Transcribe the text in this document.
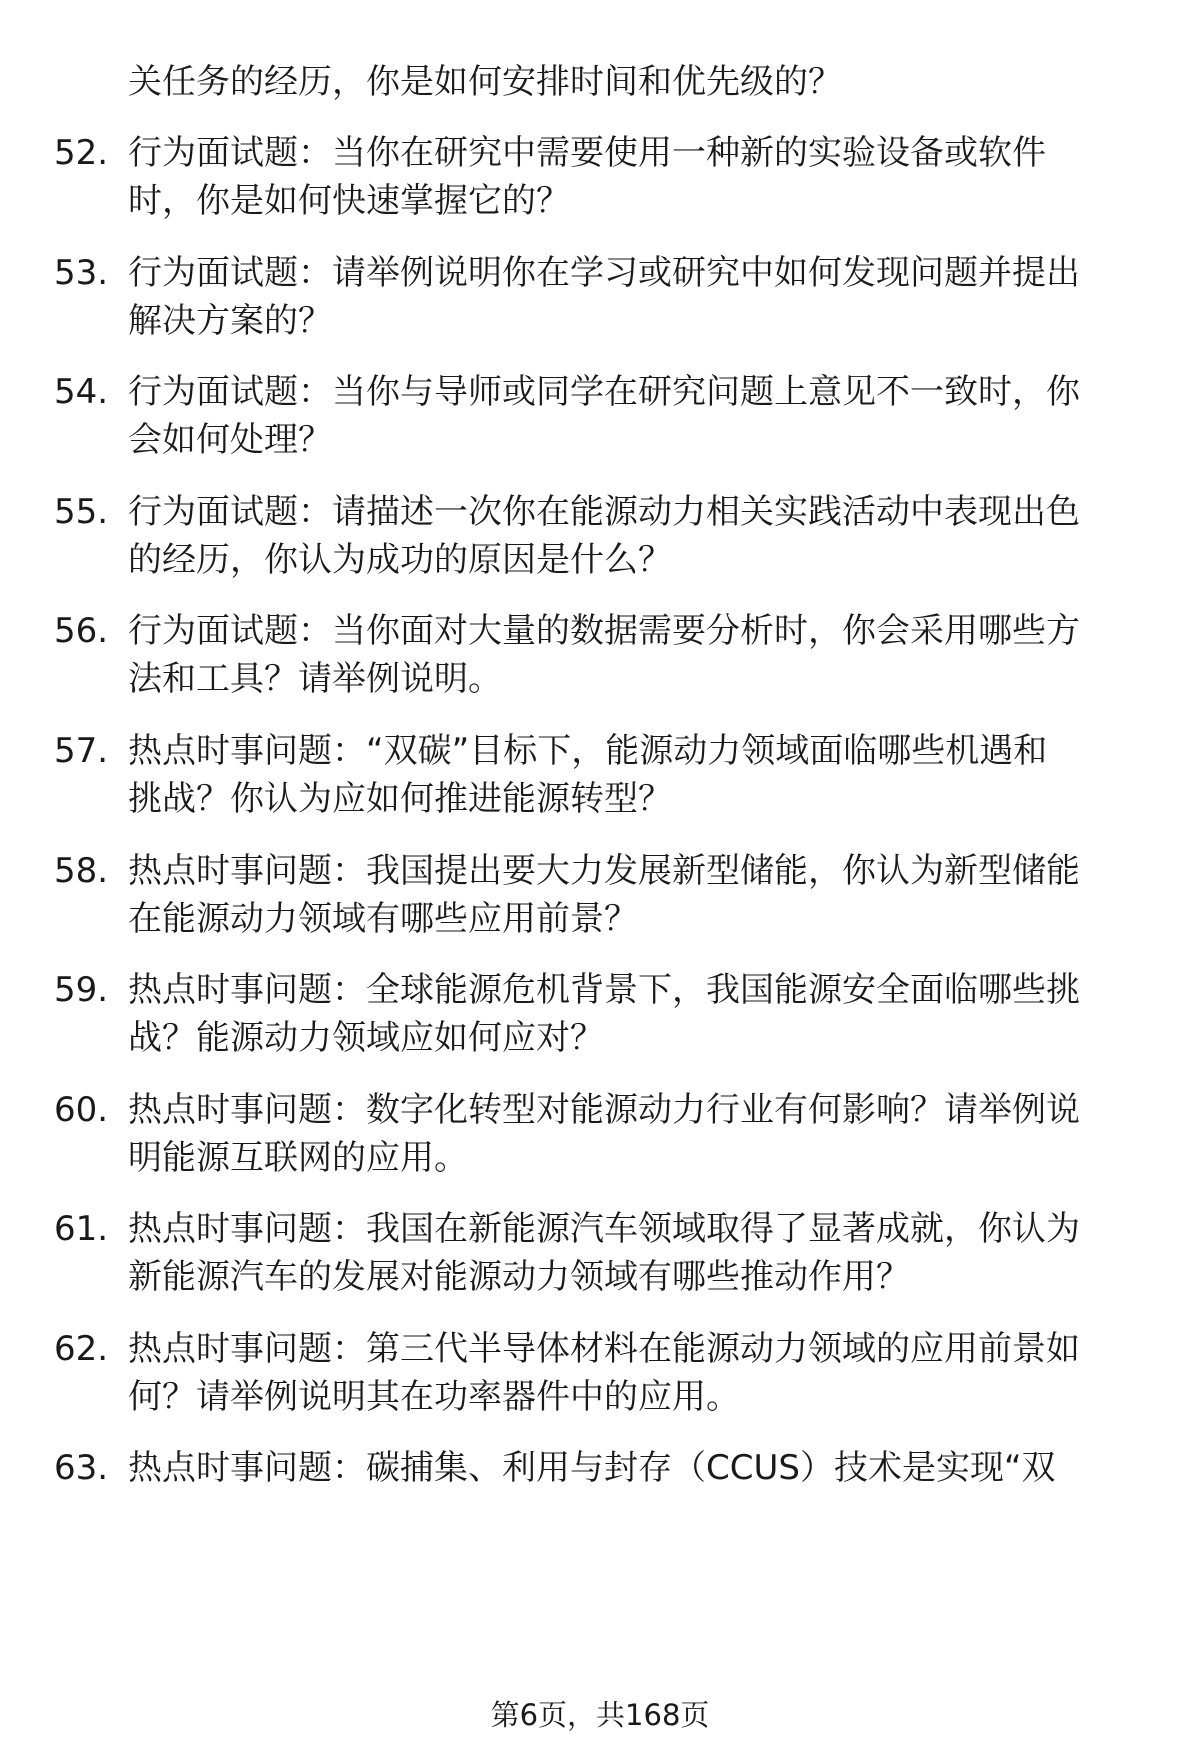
关任务的经历，你是如何安排时间和优先级的？
52. 行为面试题：当你在研究中需要使用一种新的实验设备或软件
时，你是如何快速掌握它的？
53. 行为面试题：请举例说明你在学习或研究中如何发现问题并提出
解决方案的？
54. 行为面试题：当你与导师或同学在研究问题上意见不一致时，你
会如何处理？
55. 行为面试题：请描述一次你在能源动力相关实践活动中表现出色
的经历，你认为成功的原因是什么？
56. 行为面试题：当你面对大量的数据需要分析时，你会采用哪些方
法和工具？请举例说明。
57. 热点时事问题：“双碳”目标下，能源动力领域面临哪些机遇和
挑战？你认为应如何推进能源转型？
58. 热点时事问题：我国提出要大力发展新型储能，你认为新型储能
在能源动力领域有哪些应用前景？
59. 热点时事问题：全球能源危机背景下，我国能源安全面临哪些挑
战？能源动力领域应如何应对？
60. 热点时事问题：数字化转型对能源动力行业有何影响？请举例说
明能源互联网的应用。
61. 热点时事问题：我国在新能源汽车领域取得了显著成就，你认为
新能源汽车的发展对能源动力领域有哪些推动作用？
62. 热点时事问题：第三代半导体材料在能源动力领域的应用前景如
何？请举例说明其在功率器件中的应用。
63. 热点时事问题：碳捕集、利用与封存（CCUS）技术是实现“双
第6页，共168页
